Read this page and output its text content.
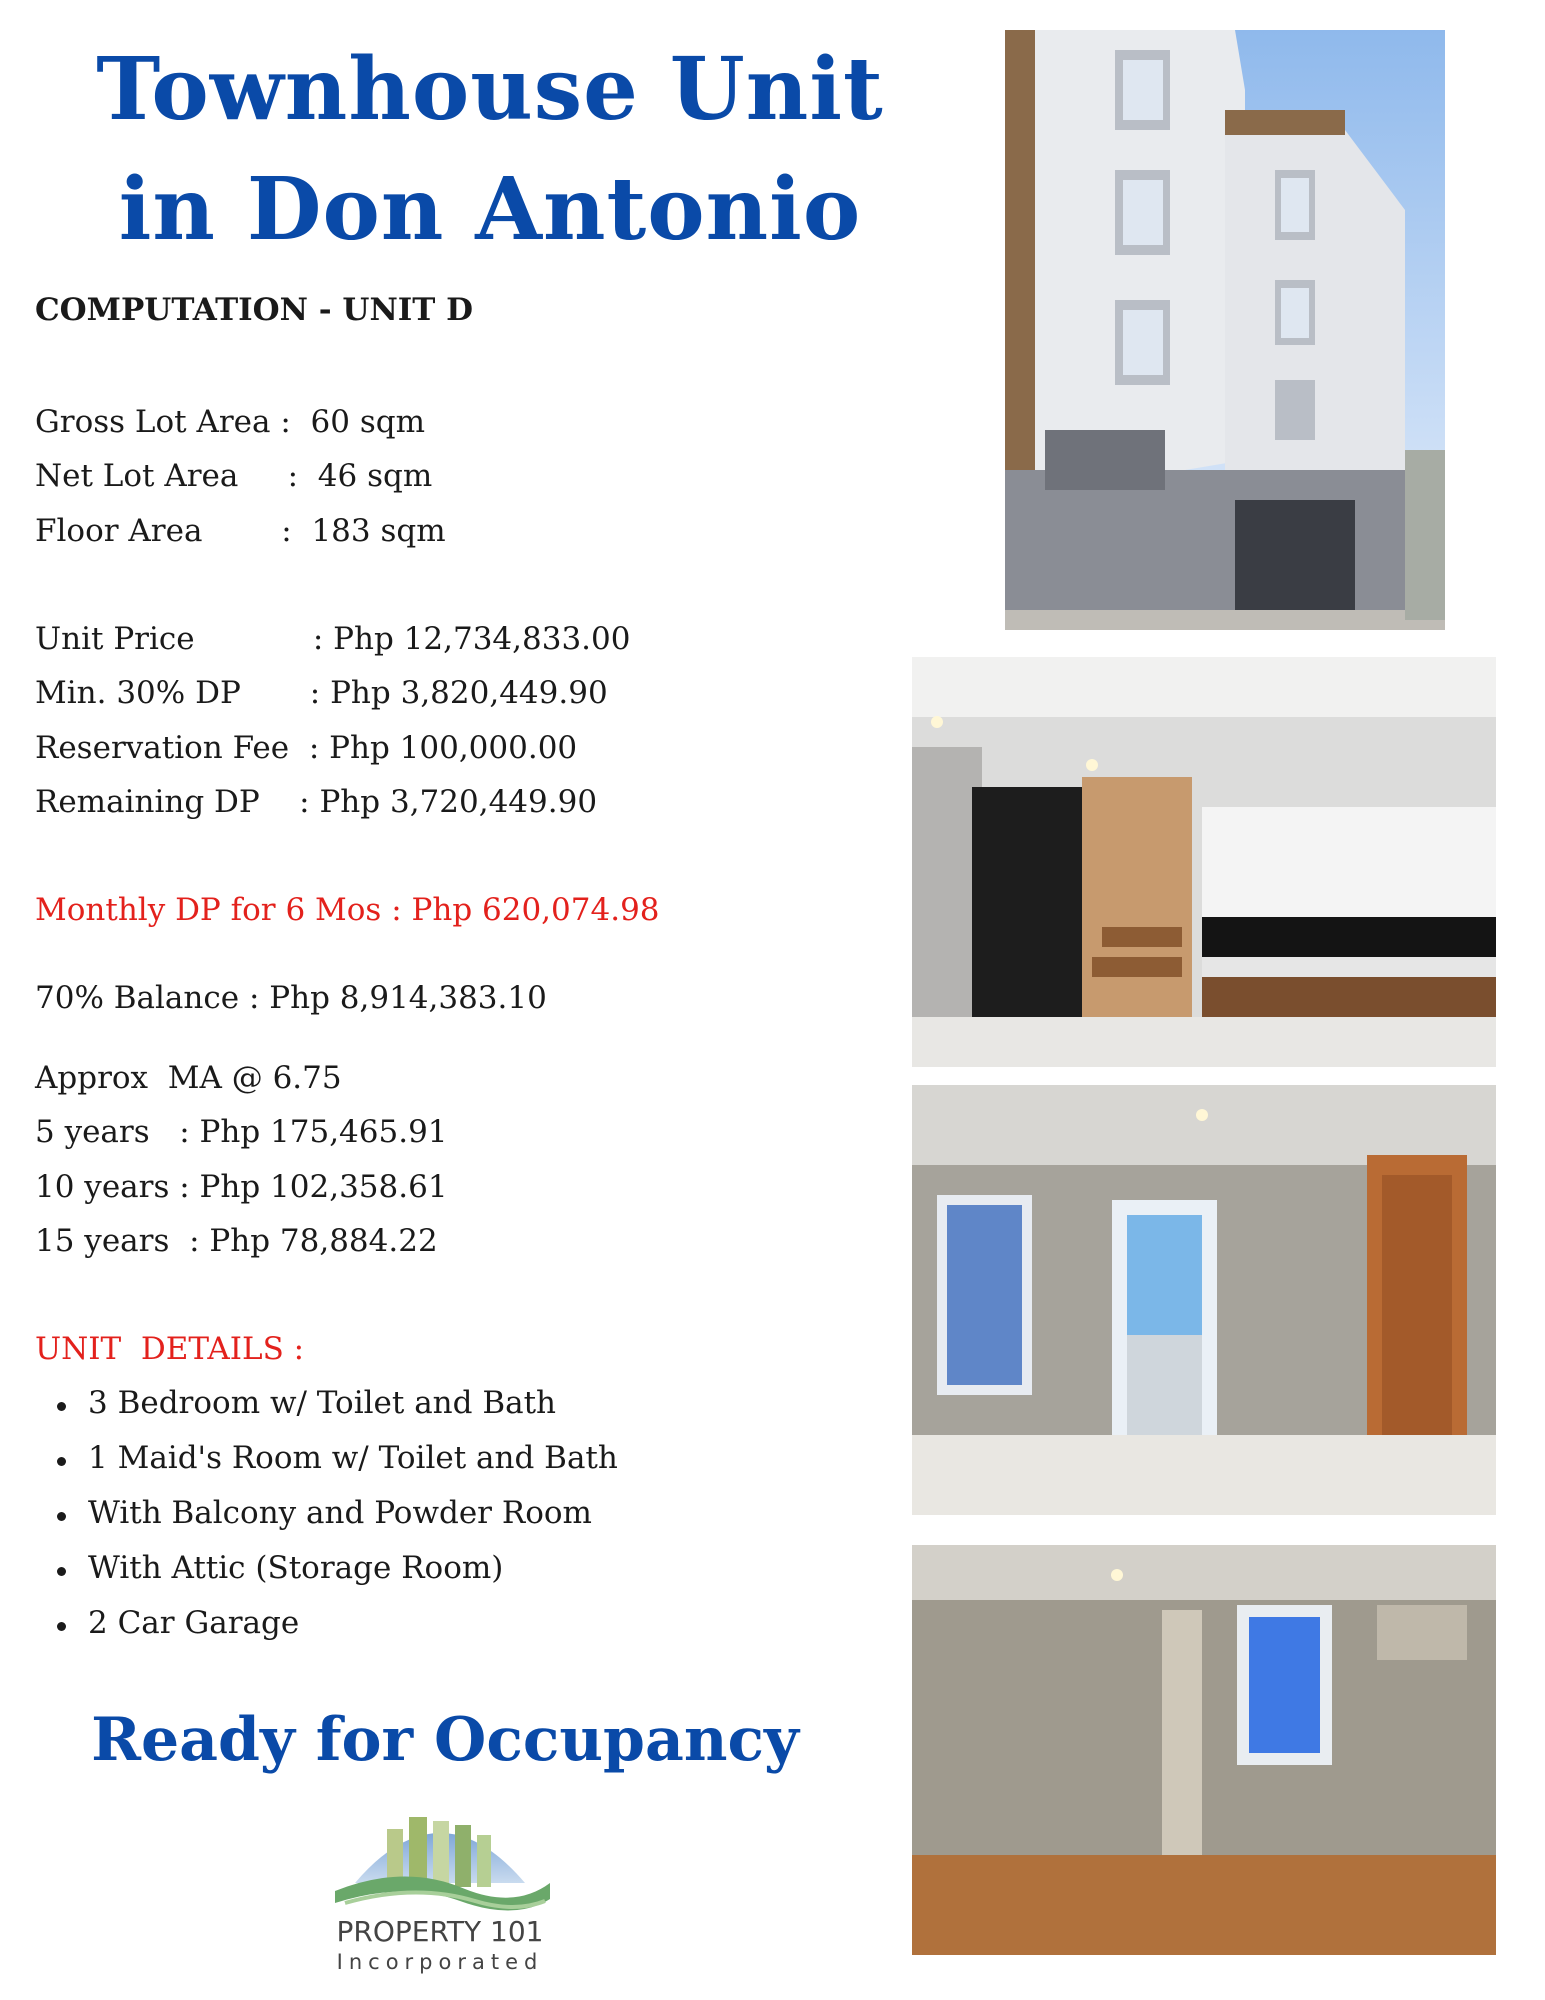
Townhouse Unit
in Don Antonio
COMPUTATION - UNIT D
Gross Lot Area :  60 sqm
Net Lot Area     :  46 sqm
Floor Area        :  183 sqm
Unit Price            : Php 12,734,833.00
Min. 30% DP       : Php 3,820,449.90
Reservation Fee  : Php 100,000.00
Remaining DP    : Php 3,720,449.90
Monthly DP for 6 Mos : Php 620,074.98
70% Balance : Php 8,914,383.10
Approx  MA @ 6.75
5 years   : Php 175,465.91
10 years : Php 102,358.61
15 years  : Php 78,884.22
UNIT  DETAILS :
3 Bedroom w/ Toilet and Bath
1 Maid's Room w/ Toilet and Bath
With Balcony and Powder Room
With Attic (Storage Room)
2 Car Garage
Ready for Occupancy
PROPERTY 101
Incorporated
